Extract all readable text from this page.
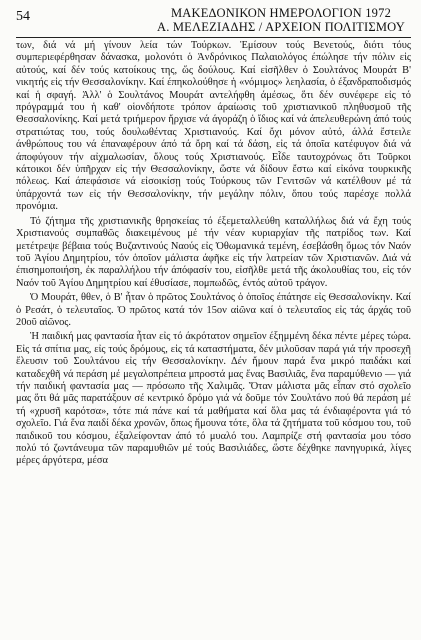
54	ΜΑΚΕΔΟΝΙΚΟΝ ΗΜΕΡΟΛΟΓΙΟΝ 1972
Α. ΜΕΛΕΖΙΑΔΗΣ / ΑΡΧΕΙΟΝ ΠΟΛΙΤΙΣΜΟΥ

των, διά νά μή γίνουν λεία τών Τούρκων. Ἐμίσουν τούς Βενετούς, διότι τόυς συμπεριεφέρθησαν δάνασκα, μολονότι ὁ Ἀνδρόνικος Παλαιολόγος έπώλησε τήν πόλιν εἰς αὐτούς, καί δέν τούς κατοίκους της, ὥς δούλους. Καί εἰσῆλθεν ὁ Σουλτάνος Μουράτ Β' νικητής εἰς τήν Θεσσαλονίκην. Καί έπηκολούθησε ἡ «νόμιμος» λεηλασία, ὁ έξανδραποδισμός καί ἡ σφαγή. Ἀλλ' ὁ Σουλτάνος Μουράτ αντελήφθη άμέσως, ὅτι δέν συνέφερε εἰς τό πρόγραμμά του ἡ καθ' οἱονδήποτε τρόπον άραίωσις τοῦ χριστιανικοῦ πληθυσμοῦ τῆς Θεσσαλονίκης. Καί μετά τριήμερον ἤρχισε νά άγοράζη ὁ ἴδιος καί νά άπελευθερώνη άπό τούς στρατιώτας του, τούς δουλωθέντας Χριστιανούς. Καί ὄχι μόνον αὐτό, άλλά ἔστειλε άνθρώπους του νά έπαναφέρουν άπό τά ὄρη καί τά δάση, εἰς τά ὁποῖα κατέφυγον διά νά άποφύγουν τήν αἰχμαλωσίαν, ὅλους τούς Χριστιανούς. Εἶδε ταυτοχρόνως ὅτι Τοῦρκοι κάτοικοι δέν ὑπῆρχαν εἰς τήν Θεσσαλονίκην, ὥστε νά δίδουν ἔστω καί εἰκόνα τουρκικῆς πόλεως. Καί άπεφάσισε νά εἰσοικίσῃ τούς Τούρκους τῶν Γενιτσῶν νά κατέλθουν μέ τά ὑπάρχοντά των εἰς τήν Θεσσαλονίκην, τήν μεγάλην πόλιν, ὅπου τούς παρέσχε πολλά προνόμια.

Τό ζήτημα τῆς χριστιανικῆς θρησκείας τό έξεμεταλλεύθη καταλλήλως διά νά ἔχη τούς Χριστιανούς συμπαθῶς διακειμένους μέ τήν νέαν κυριαρχίαν τῆς πατρίδος των. Καί μετέτρεψε βέβαια τούς Βυζαντινούς Ναούς εἰς Ὀθωμανικά τεμένη, έσεβάσθη ὅμως τόν Ναόν τοῦ Ἁγίου Δημητρίου, τόν ὁποῖον μάλιστα άφῆκε εἰς τήν λατρείαν τῶν Χριστιανῶν. Διά νά έπισημοποιήση, ἐκ παραλλήλου τήν άπόφασίν του, εἰσῆλθε μετά τῆς άκολουθίας του, εἰς τόν Ναόν τοῦ Ἁγίου Δημητρίου καί έθυσίασε, πομπωδῶς, έντός αὐτοῦ τράγον.

Ὁ Μουράτ, θθεν, ὁ Β' ἦταν ὁ πρῶτος Σουλτάνος ὁ ὁποῖος έπάτησε εἰς Θεσσαλονίκην. Καί ὁ Ρεσάτ, ὁ τελευταῖος. Ὁ πρῶτος κατά τόν 15ον αἰῶνα καί ὁ τελευταῖος εἰς τάς άρχάς τοῦ 20οῦ αἰῶνος.

Ἡ παιδική μας φαντασία ἦταν εἰς τό άκρότατον σημεῖον έξημμένη δέκα πέντε μέρες τώρα. Εἰς τά σπίτια μας, εἰς τούς δρόμους, εἰς τά καταστήματα, δέν μιλοῦσαν παρά γιά τήν προσεχῆ ἔλευσιν τοῦ Σουλτάνου εἰς τήν Θεσσαλονίκην. Δέν ἤμουν παρά ἕνα μικρό παιδάκι καί καταδεχθῆ νά περάση μέ μεγαλοπρέπεια μπροστά μας ἕνας Βασιλιᾶς, ἕνα παραμύθενιο — γιά τήν παιδική φαντασία μας — πρόσωπο τῆς Χαλιμᾶς. Ὅταν μάλιστα μᾶς εἶπαν στό σχολεῖο μας ὅτι θά μᾶς παρατάξουν σέ κεντρικό δρόμο γιά νά δοῦμε τόν Σουλτάνο πού θά περάση μέ τή «χρυσῆ καρότσα», τότε πιά πάνε καί τά μαθήματα καί ὅλα μας τά ένδιαφέροντα γιά τό σχολεῖο. Γιά ἕνα παιδί δέκα χρονῶν, ὅπως ἤμουνα τότε, ὅλα τά ζητήματα τοῦ κόσμου του, τοῦ παιδικοῦ του κόσμου, έξαλείφονταν άπό τό μυαλό του. Λαμπρίζε στή φαντασία μου τόσο πολύ τό ζωντάνευμα τῶν παραμυθιῶν μέ τούς Βασιλιάδες, ὥστε δέχθηκε πανηγυρικά, λίγες μέρες άργότερα, μέσα
